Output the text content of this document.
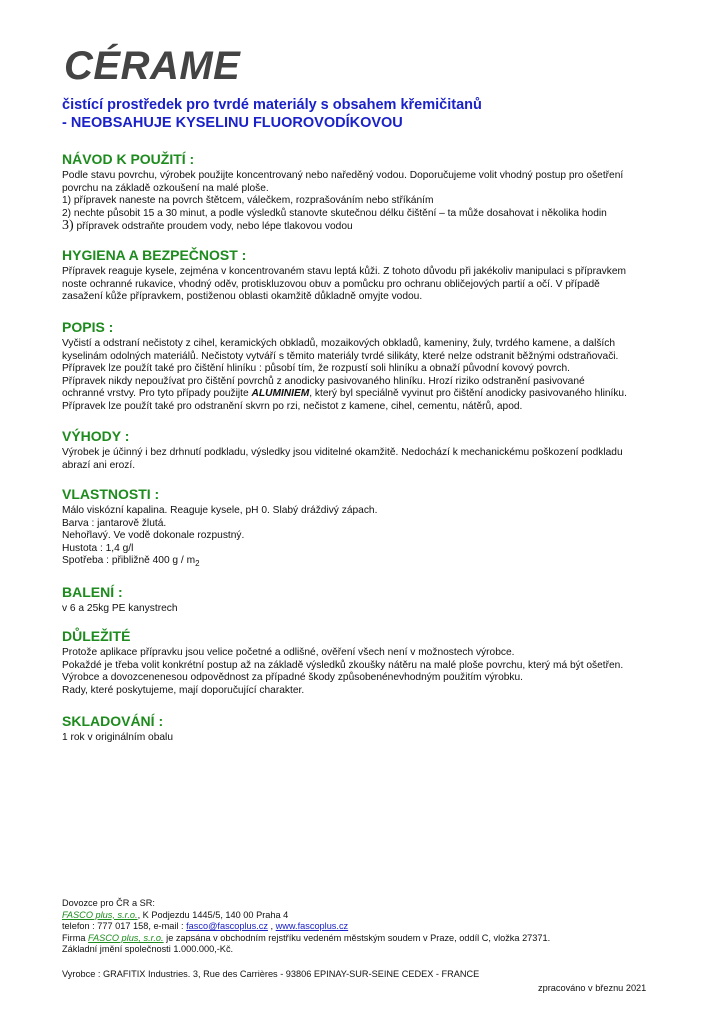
CÉRAME
čistící prostředek pro tvrdé materiály s obsahem křemičitanů
- NEOBSAHUJE KYSELINU FLUOROVODÍKOVOU
NÁVOD K POUŽITÍ :
Podle stavu povrchu, výrobek použijte koncentrovaný nebo naředěný vodou. Doporučujeme volit vhodný postup pro ošetření
povrchu na základě ozkoušení na malé ploše.
1) přípravek naneste na povrch štětcem, válečkem, rozprašováním nebo stříkáním
2) nechte působit 15 a 30 minut, a podle výsledků stanovte skutečnou délku čištění – ta může dosahovat i několika hodin
3) přípravek odstraňte proudem vody, nebo lépe tlakovou vodou
HYGIENA A BEZPEČNOST :
Přípravek reaguje kysele, zejména v koncentrovaném stavu leptá kůži. Z tohoto důvodu při jakékoliv manipulaci s přípravkem
noste ochranné rukavice, vhodný oděv, protiskluzovou obuv a pomůcku pro ochranu obličejových partií a očí. V případě
zasažení kůže přípravkem, postiženou oblasti okamžitě důkladně omyjte vodou.
POPIS :
Vyčistí a odstraní nečistoty z cihel, keramických obkladů, mozaikových obkladů, kameniny, žuly, tvrdého kamene, a dalších
kyselinám odolných materiálů. Nečistoty vytváří s těmito materiály tvrdé silikáty, které nelze odstranit běžnými odstraňovači.
Přípravek lze použít také pro čištění hliníku : působí tím, že rozpustí soli hliníku a obnaží původní kovový povrch.
Přípravek nikdy nepoužívat pro čištění povrchů z anodicky pasivovaného hliníku. Hrozí riziko odstranění pasivované
ochranné vrstvy. Pro tyto případy použijte ALUMINIEM, který byl speciálně vyvinut pro čištění anodicky pasivovaného hliníku.
Přípravek lze použít také pro odstranění skvrn po rzi, nečistot z kamene, cihel, cementu, nátěrů, apod.
VÝHODY :
Výrobek je účinný i bez drhnutí podkladu, výsledky jsou viditelné okamžitě. Nedochází k mechanickému poškození podkladu
abrazí ani erozí.
VLASTNOSTI :
Málo viskózní kapalina. Reaguje kysele, pH 0. Slabý dráždivý zápach.
Barva : jantarově žlutá.
Nehořlavý. Ve vodě dokonale rozpustný.
Hustota : 1,4 g/l
Spotřeba : přibližně 400 g / $m_2$
BALENÍ :
v 6 a 25kg PE kanystrech
DŮLEŽITÉ
Protože aplikace přípravku jsou velice početné a odlišné, ověření všech není v možnostech výrobce.
Pokaždé je třeba volit konkrétní postup až na základě výsledků zkoušky nátěru na malé ploše povrchu, který má být ošetřen.
Výrobce a dovozcenenesou odpovědnost za případné škody způsobenénevhodným použitím výrobku.
Rady, které poskytujeme, mají doporučující charakter.
SKLADOVÁNÍ :
1 rok v originálním obalu
Dovozce pro ČR a SR:
FASCO plus, s.r.o., K Podjezdu 1445/5, 140 00 Praha 4
telefon : 777 017 158, e-mail : fasco@fascoplus.cz , www.fascoplus.cz
Firma FASCO plus, s.r.o. je zapsána v obchodním rejstříku vedeném městským soudem v Praze, oddíl C, vložka 27371.
Základní jmění společnosti 1.000.000,-Kč.
Vyrobce : GRAFITIX Industries. 3, Rue des Carrières - 93806 EPINAY-SUR-SEINE CEDEX - FRANCE
zpracováno v březnu 2021
